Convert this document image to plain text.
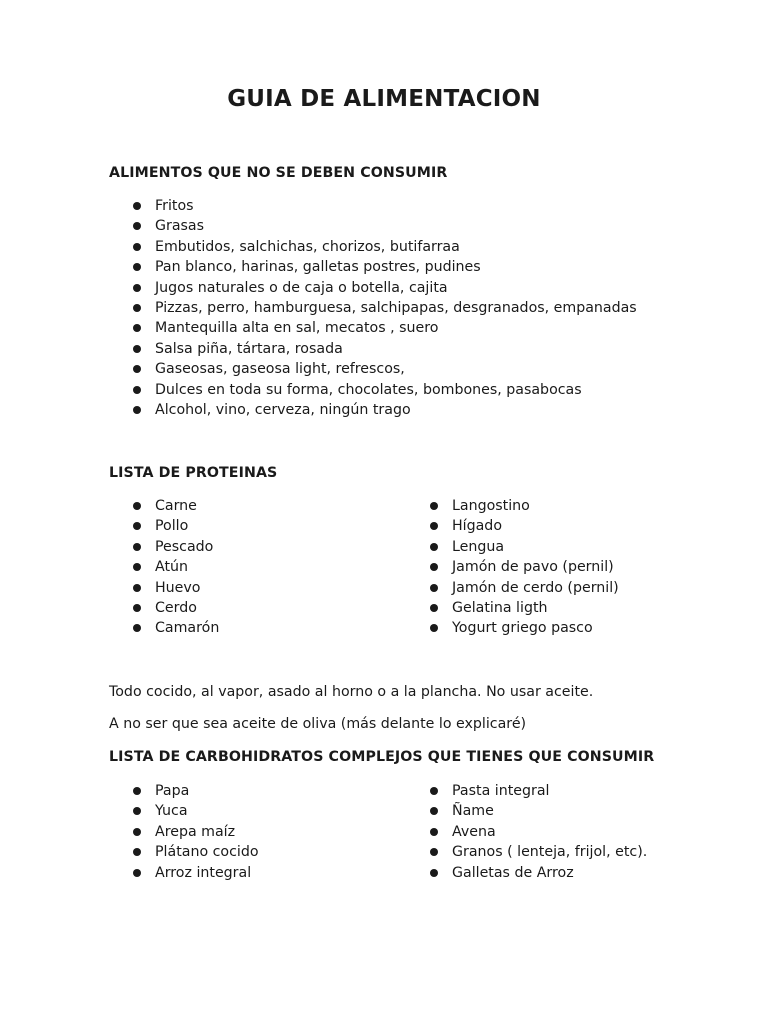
GUIA DE ALIMENTACION
ALIMENTOS QUE NO SE DEBEN CONSUMIR
Fritos
Grasas
Embutidos, salchichas, chorizos, butifarraa
Pan blanco, harinas, galletas postres, pudines
Jugos naturales o de caja o botella, cajita
Pizzas, perro, hamburguesa, salchipapas, desgranados, empanadas
Mantequilla alta en sal, mecatos , suero
Salsa piña, tártara, rosada
Gaseosas, gaseosa light, refrescos,
Dulces en toda su forma, chocolates, bombones, pasabocas
Alcohol, vino, cerveza, ningún trago
LISTA DE PROTEINAS
Carne
Pollo
Pescado
Atún
Huevo
Cerdo
Camarón
Langostino
Hígado
Lengua
Jamón de pavo (pernil)
Jamón de cerdo (pernil)
Gelatina ligth
Yogurt griego pasco

Todo cocido, al vapor, asado al horno o a la plancha. No usar aceite.

A no ser que sea aceite de oliva (más delante lo explicaré)

LISTA DE CARBOHIDRATOS COMPLEJOS QUE TIENES QUE CONSUMIR
Papa
Yuca
Arepa maíz
Plátano cocido
Arroz integral
Pasta integral
Ñame
Avena
Granos ( lenteja, frijol, etc).
Galletas de Arroz
